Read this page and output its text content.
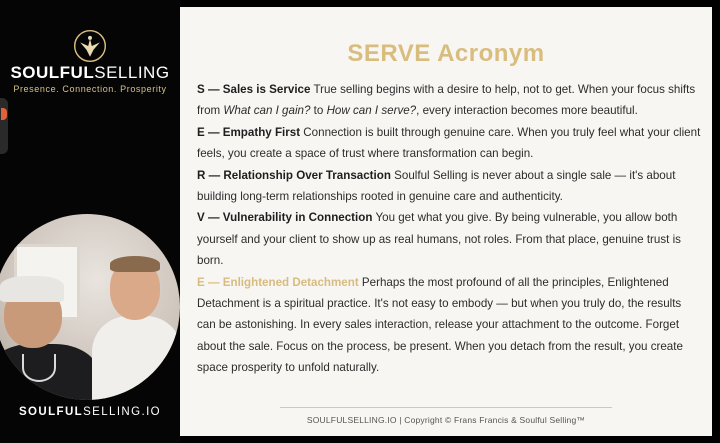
SOULFULSELLING
Presence. Connection. Prosperity
SOULFULSELLING.IO
SERVE Acronym

S — Sales is Service True selling begins with a desire to help, not to get. When your focus shifts from What can I gain? to How can I serve?, every interaction becomes more beautiful.

E — Empathy First Connection is built through genuine care. When you truly feel what your client feels, you create a space of trust where transformation can begin.

R — Relationship Over Transaction Soulful Selling is never about a single sale — it's about building long-term relationships rooted in genuine care and authenticity.

V — Vulnerability in Connection You get what you give. By being vulnerable, you allow both yourself and your client to show up as real humans, not roles. From that place, genuine trust is born.

E — Enlightened Detachment Perhaps the most profound of all the principles, Enlightened Detachment is a spiritual practice. It's not easy to embody — but when you truly do, the results can be astonishing. In every sales interaction, release your attachment to the outcome. Forget about the sale. Focus on the process, be present. When you detach from the result, you create space prosperity to unfold naturally.

SOULFULSELLING.IO | Copyright © Frans Francis & Soulful Selling™
